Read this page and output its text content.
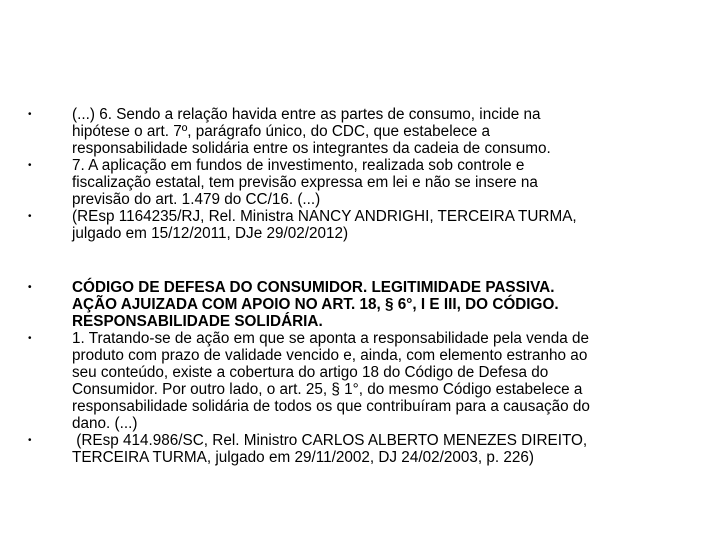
•	(...) 6. Sendo a relação havida entre as partes de consumo, incide na
hipótese o art. 7º, parágrafo único, do CDC, que estabelece a
responsabilidade solidária entre os integrantes da cadeia de consumo.
•	7. A aplicação em fundos de investimento, realizada sob controle e
fiscalização estatal, tem previsão expressa em lei e não se insere na
previsão do art. 1.479 do CC/16. (...)
•	(REsp 1164235/RJ, Rel. Ministra NANCY ANDRIGHI, TERCEIRA TURMA,
julgado em 15/12/2011, DJe 29/02/2012)
•	CÓDIGO DE DEFESA DO CONSUMIDOR. LEGITIMIDADE PASSIVA.
AÇÃO AJUIZADA COM APOIO NO ART. 18, § 6°, I E III, DO CÓDIGO.
RESPONSABILIDADE SOLIDÁRIA.
•	1. Tratando-se de ação em que se aponta a responsabilidade pela venda de
produto com prazo de validade vencido e, ainda, com elemento estranho ao
seu conteúdo, existe a cobertura do artigo 18 do Código de Defesa do
Consumidor. Por outro lado, o art. 25, § 1°, do mesmo Código estabelece a
responsabilidade solidária de todos os que contribuíram para a causação do
dano. (...)
•	(REsp 414.986/SC, Rel. Ministro CARLOS ALBERTO MENEZES DIREITO,
TERCEIRA TURMA, julgado em 29/11/2002, DJ 24/02/2003, p. 226)
